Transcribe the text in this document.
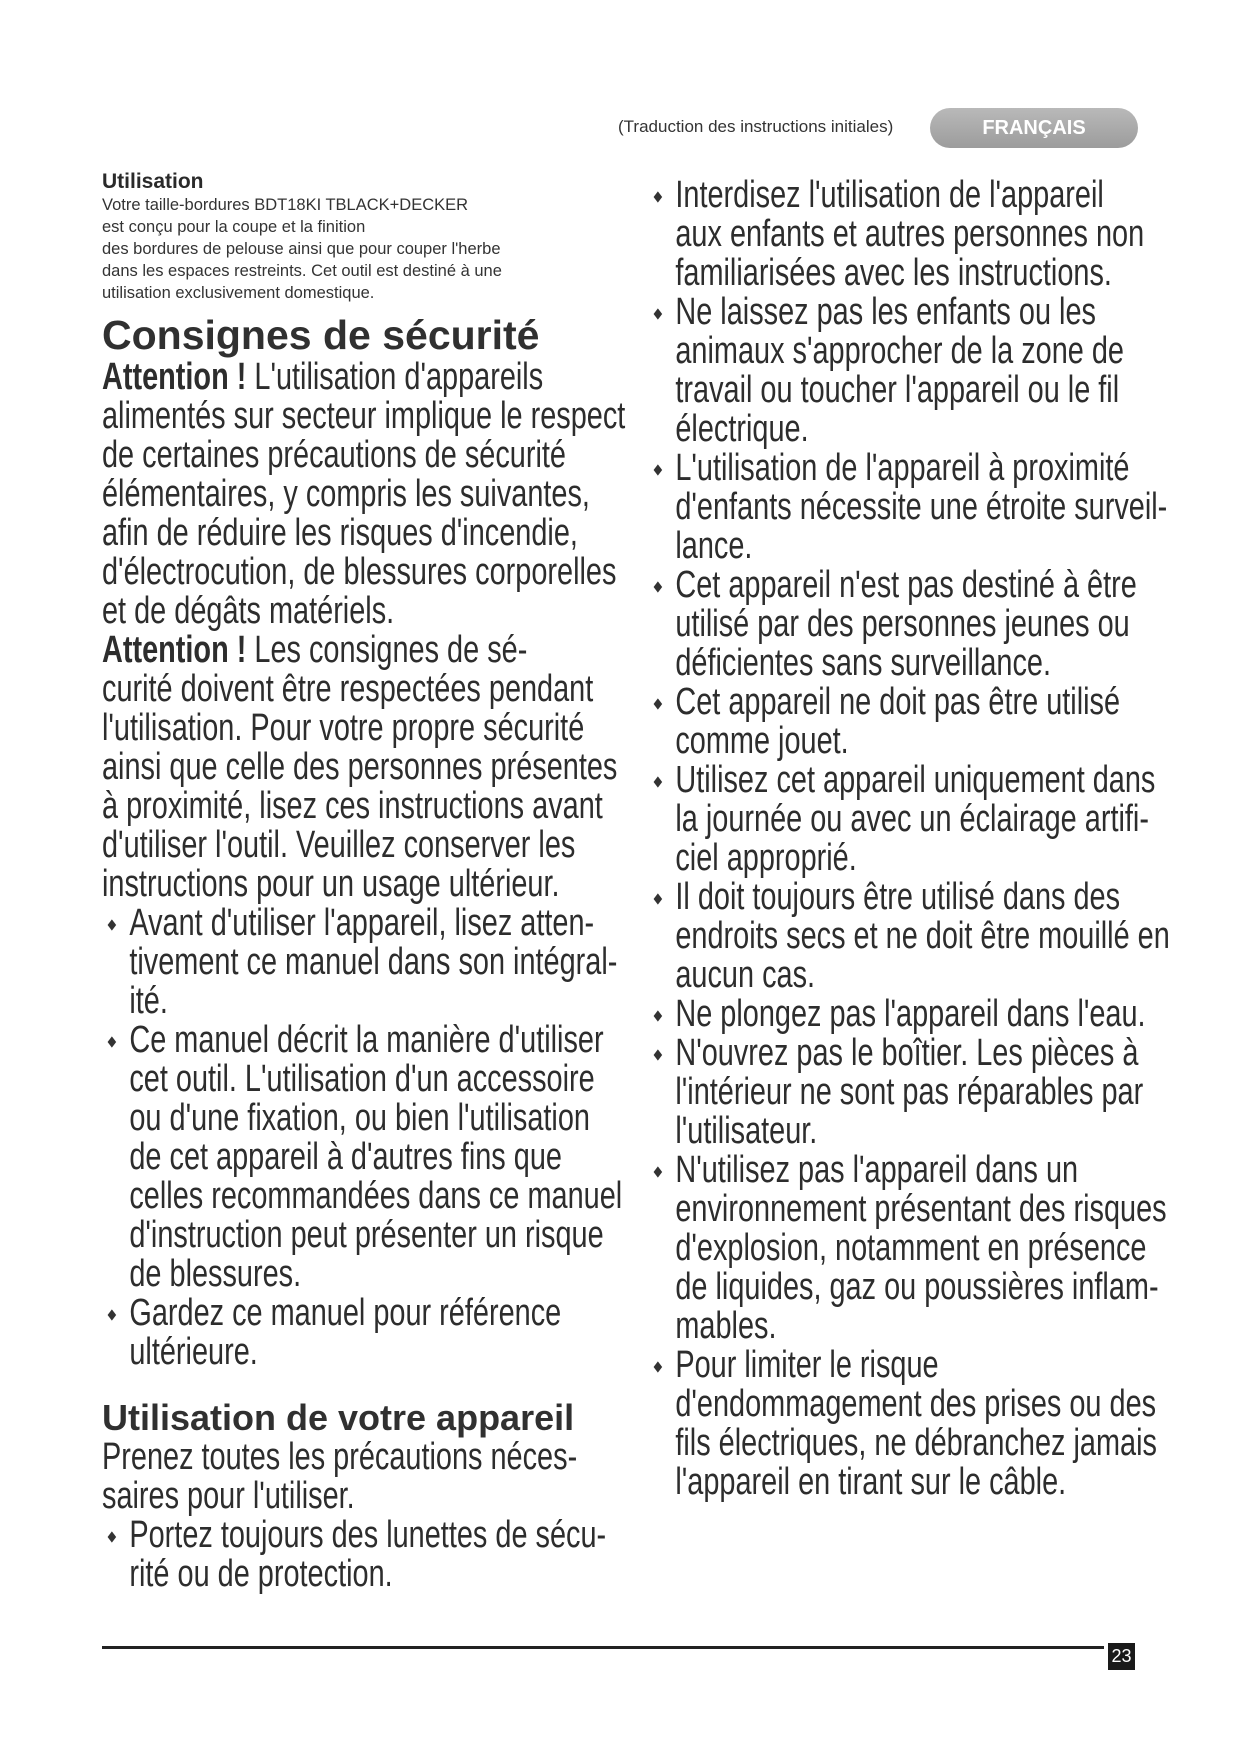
(Traduction des instructions initiales)	FRANÇAIS
Utilisation
Votre taille-bordures BDT18KI TBLACK+DECKER
est conçu pour la coupe et la finition
des bordures de pelouse ainsi que pour couper l'herbe
dans les espaces restreints. Cet outil est destiné à une
utilisation exclusivement domestique.
Consignes de sécurité
Attention ! L'utilisation d'appareils
alimentés sur secteur implique le respect
de certaines précautions de sécurité
élémentaires, y compris les suivantes,
afin de réduire les risques d'incendie,
d'électrocution, de blessures corporelles
et de dégâts matériels.
Attention ! Les consignes de sé-
curité doivent être respectées pendant
l'utilisation. Pour votre propre sécurité
ainsi que celle des personnes présentes
à proximité, lisez ces instructions avant
d'utiliser l'outil. Veuillez conserver les
instructions pour un usage ultérieur.
Avant d'utiliser l'appareil, lisez atten-
tivement ce manuel dans son intégral-
ité.
Ce manuel décrit la manière d'utiliser
cet outil. L'utilisation d'un accessoire
ou d'une fixation, ou bien l'utilisation
de cet appareil à d'autres fins que
celles recommandées dans ce manuel
d'instruction peut présenter un risque
de blessures.
Gardez ce manuel pour référence
ultérieure.
Utilisation de votre appareil
Prenez toutes les précautions néces-
saires pour l'utiliser.
Portez toujours des lunettes de sécu-
rité ou de protection.
Interdisez l'utilisation de l'appareil
aux enfants et autres personnes non
familiarisées avec les instructions.
Ne laissez pas les enfants ou les
animaux s'approcher de la zone de
travail ou toucher l'appareil ou le fil
électrique.
L'utilisation de l'appareil à proximité
d'enfants nécessite une étroite surveil-
lance.
Cet appareil n'est pas destiné à être
utilisé par des personnes jeunes ou
déficientes sans surveillance.
Cet appareil ne doit pas être utilisé
comme jouet.
Utilisez cet appareil uniquement dans
la journée ou avec un éclairage artifi-
ciel approprié.
Il doit toujours être utilisé dans des
endroits secs et ne doit être mouillé en
aucun cas.
Ne plongez pas l'appareil dans l'eau.
N'ouvrez pas le boîtier. Les pièces à
l'intérieur ne sont pas réparables par
l'utilisateur.
N'utilisez pas l'appareil dans un
environnement présentant des risques
d'explosion, notamment en présence
de liquides, gaz ou poussières inflam-
mables.
Pour limiter le risque
d'endommagement des prises ou des
fils électriques, ne débranchez jamais
l'appareil en tirant sur le câble.
23
